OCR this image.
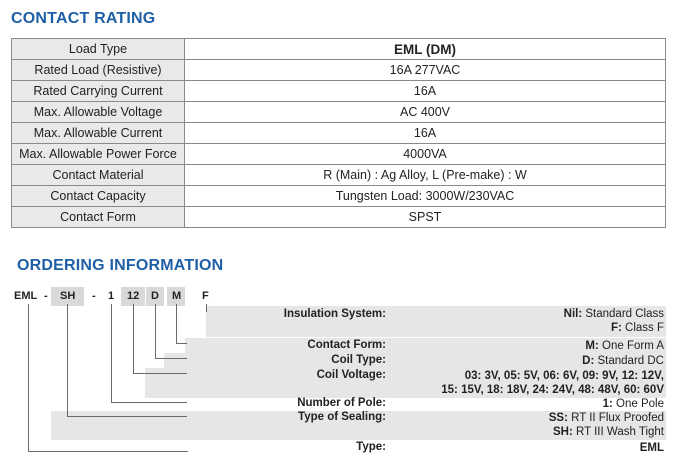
CONTACT RATING
Load Type	EML (DM)
Rated Load (Resistive)	16A 277VAC
Rated Carrying Current	16A
Max. Allowable Voltage	AC 400V
Max. Allowable Current	16A
Max. Allowable Power Force	4000VA
Contact Material	R (Main) : Ag Alloy, L (Pre-make) : W
Contact Capacity	Tungsten Load: 3000W/230VAC
Contact Form	SPST
ORDERING INFORMATION
EML - SH - 1 12 D M F
Insulation System:	Nil: Standard Class
F: Class F
Contact Form:	M: One Form A
Coil Type:	D: Standard DC
Coil Voltage:	03: 3V, 05: 5V, 06: 6V, 09: 9V, 12: 12V,
15: 15V, 18: 18V, 24: 24V, 48: 48V, 60: 60V
Number of Pole:	1: One Pole
Type of Sealing:	SS: RT II Flux Proofed
SH: RT III Wash Tight
Type:	EML
